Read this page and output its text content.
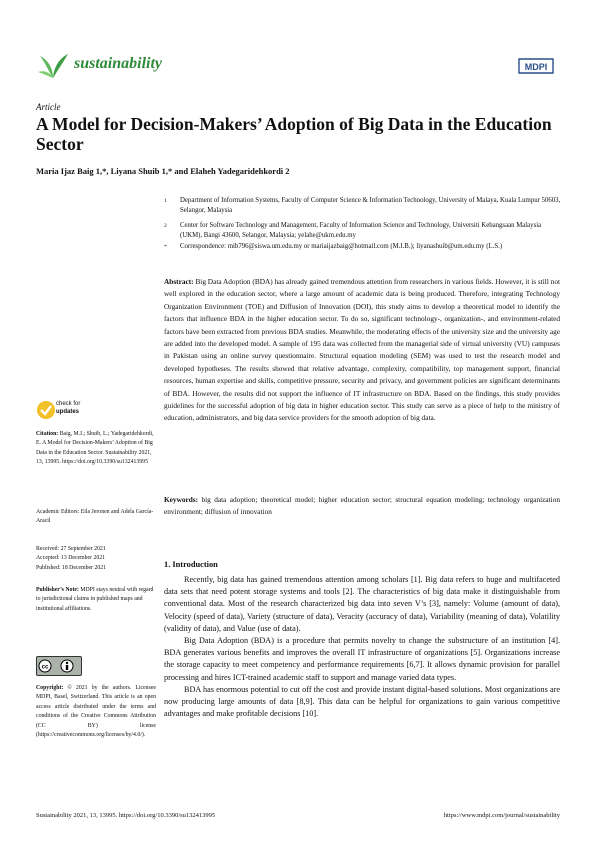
sustainability	MDPI
Article
A Model for Decision-Makers’ Adoption of Big Data in the Education Sector
Maria Ijaz Baig 1,*, Liyana Shuib 1,* and Elaheh Yadegaridehkordi 2
1 Department of Information Systems, Faculty of Computer Science & Information Technology, University of Malaya, Kuala Lumpur 50603, Selangor, Malaysia
2 Center for Software Technology and Management, Faculty of Information Science and Technology, Universiti Kebangsaan Malaysia (UKM), Bangi 43600, Selangor, Malaysia; yelahe@ukm.edu.my
* Correspondence: mib796@siswa.um.edu.my or mariaijazbaig@hotmail.com (M.I.B.); liyanashuib@um.edu.my (L.S.)
Abstract: Big Data Adoption (BDA) has already gained tremendous attention from researchers in various fields. However, it is still not well explored in the education sector, where a large amount of academic data is being produced. Therefore, integrating Technology Organization Environment (TOE) and Diffusion of Innovation (DOI), this study aims to develop a theoretical model to identify the factors that influence BDA in the higher education sector. To do so, significant technology-, organization-, and environment-related factors have been extracted from previous BDA studies. Meanwhile, the moderating effects of the university size and the university age are added into the developed model. A sample of 195 data was collected from the managerial side of virtual university (VU) campuses in Pakistan using an online survey questionnaire. Structural equation modeling (SEM) was used to test the research model and developed hypotheses. The results showed that relative advantage, complexity, compatibility, top management support, financial resources, human expertise and skills, competitive pressure, security and privacy, and government policies are significant determinants of BDA. However, the results did not support the influence of IT infrastructure on BDA. Based on the findings, this study provides guidelines for the successful adoption of big data in higher education sector. This study can serve as a piece of help to the ministry of education, administrators, and big data service providers for the smooth adoption of big data.
Keywords: big data adoption; theoretical model; higher education sector; structural equation modeling; technology organization environment; diffusion of innovation
check for
updates
Citation: Baig, M.I.; Shuib, L.; Yadegaridehkordi, E. A Model for Decision-Makers’ Adoption of Big Data in the Education Sector. Sustainability 2021, 13, 13995. https://doi.org/10.3390/su132413995
Academic Editors: Eila Jeronen and Adela García-Aracil
Received: 27 September 2021
Accepted: 13 December 2021
Published: 18 December 2021
Publisher’s Note: MDPI stays neutral with regard to jurisdictional claims in published maps and institutional affiliations.
cc
Copyright: © 2021 by the authors. Licensee MDPI, Basel, Switzerland. This article is an open access article distributed under the terms and conditions of the Creative Commons Attribution (CC BY) license (https://creativecommons.org/licenses/by/4.0/).
1. Introduction

Recently, big data has gained tremendous attention among scholars [1]. Big data refers to huge and multifaceted data sets that need potent storage systems and tools [2]. The characteristics of big data make it distinguishable from conventional data. Most of the research characterized big data into seven V’s [3], namely: Volume (amount of data), Velocity (speed of data), Variety (structure of data), Veracity (accuracy of data), Variability (meaning of data), Volatility (validity of data), and Value (use of data).

Big Data Adoption (BDA) is a procedure that permits novelty to change the substructure of an institution [4]. BDA generates various benefits and improves the overall IT infrastructure of organizations [5]. Organizations increase the storage capacity to meet competency and performance requirements [6,7]. It allows dynamic provision for parallel processing and hires ICT-trained academic staff to support and manage varied data types.

BDA has enormous potential to cut off the cost and provide instant digital-based solutions. Most organizations are now producing large amounts of data [8,9]. This data can be helpful for organizations to gain various competitive advantages and make profitable decisions [10].

Sustainability 2021, 13, 13995. https://doi.org/10.3390/su132413995	https://www.mdpi.com/journal/sustainability
